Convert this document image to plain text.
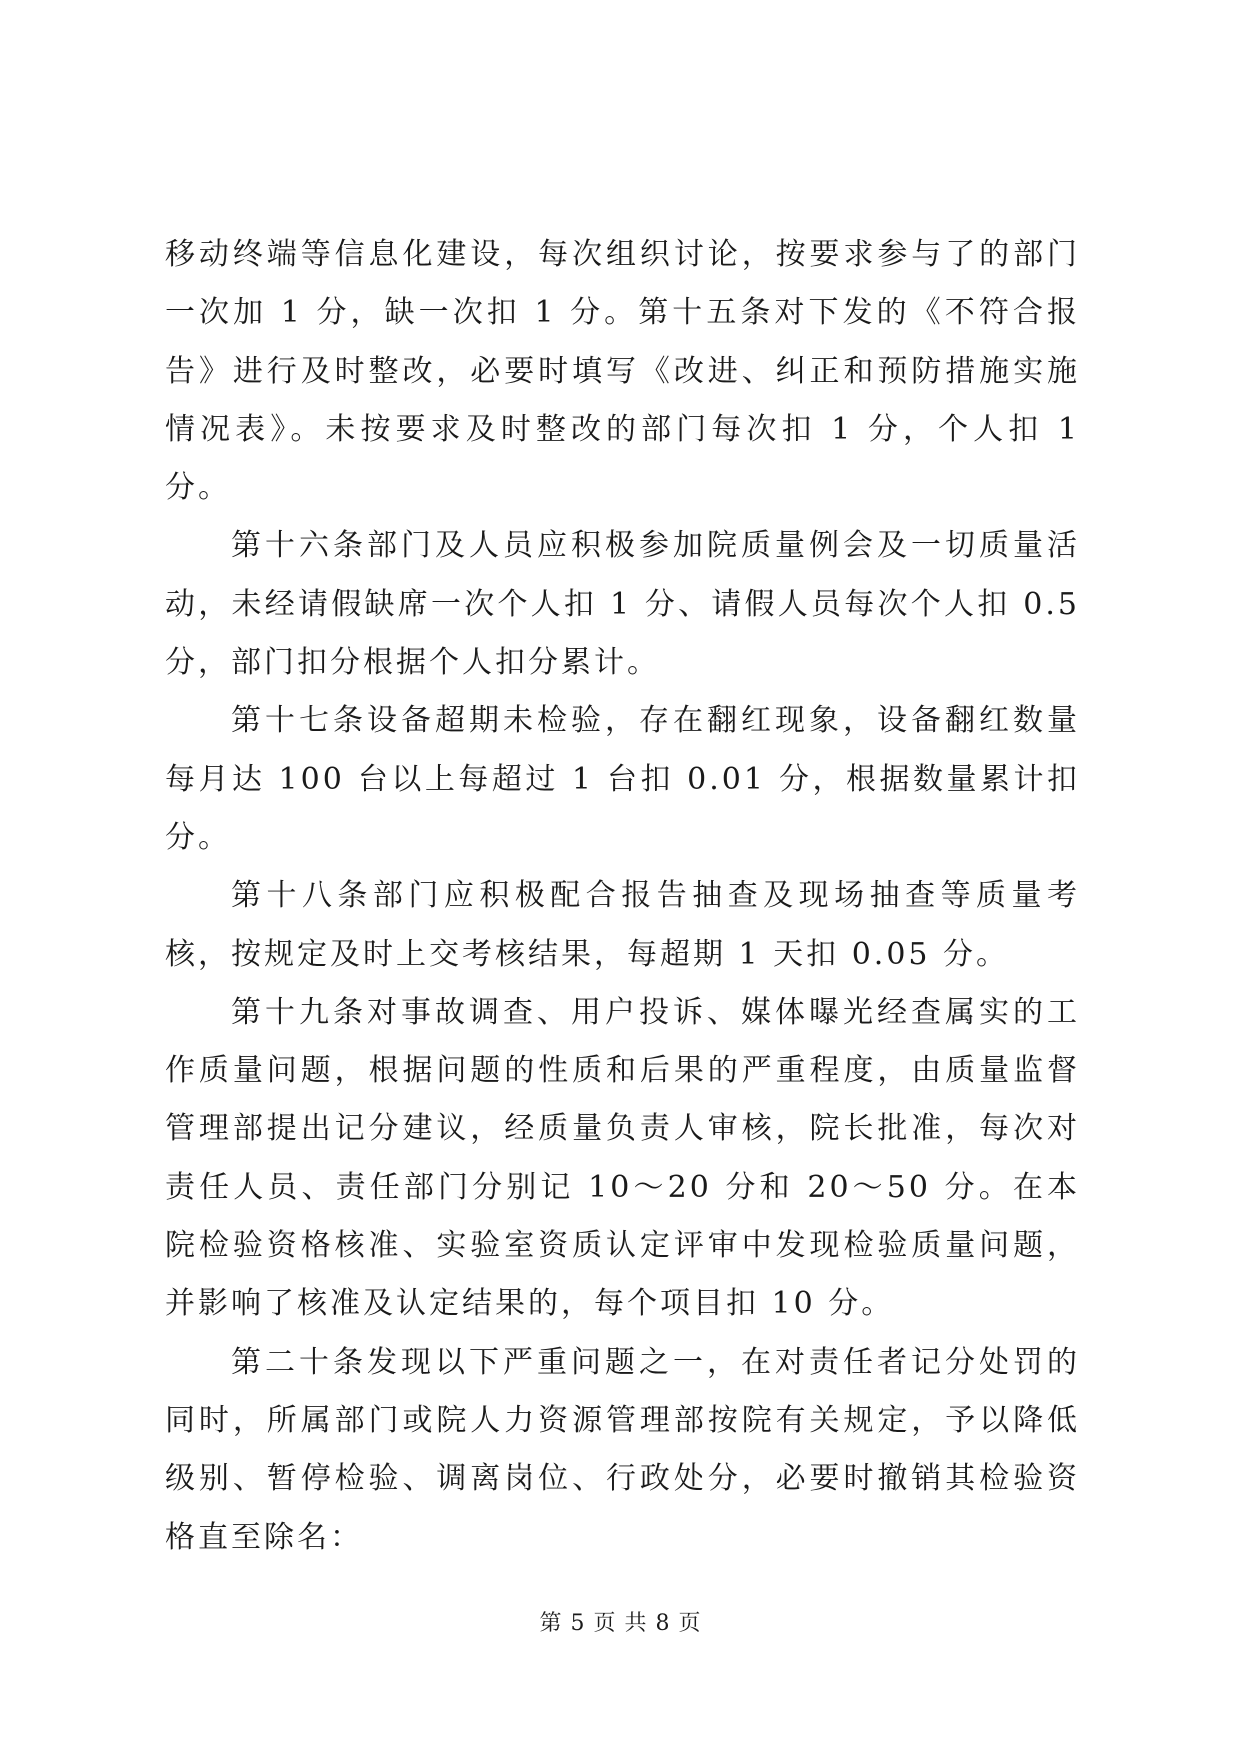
移动终端等信息化建设，每次组织讨论，按要求参与了的部门一次加 1 分，缺一次扣 1 分。第十五条对下发的《不符合报告》进行及时整改，必要时填写《改进、纠正和预防措施实施情况表》。未按要求及时整改的部门每次扣 1 分，个人扣 1 分。

第十六条部门及人员应积极参加院质量例会及一切质量活动，未经请假缺席一次个人扣 1 分、请假人员每次个人扣 0.5 分，部门扣分根据个人扣分累计。

第十七条设备超期未检验，存在翻红现象，设备翻红数量每月达 100 台以上每超过 1 台扣 0.01 分，根据数量累计扣分。

第十八条部门应积极配合报告抽查及现场抽查等质量考核，按规定及时上交考核结果，每超期 1 天扣 0.05 分。

第十九条对事故调查、用户投诉、媒体曝光经查属实的工作质量问题，根据问题的性质和后果的严重程度，由质量监督管理部提出记分建议，经质量负责人审核，院长批准，每次对责任人员、责任部门分别记 10～20 分和 20～50 分。在本院检验资格核准、实验室资质认定评审中发现检验质量问题，并影响了核准及认定结果的，每个项目扣 10 分。

第二十条发现以下严重问题之一，在对责任者记分处罚的同时，所属部门或院人力资源管理部按院有关规定，予以降低级别、暂停检验、调离岗位、行政处分，必要时撤销其检验资格直至除名：

第 5 页 共 8 页
